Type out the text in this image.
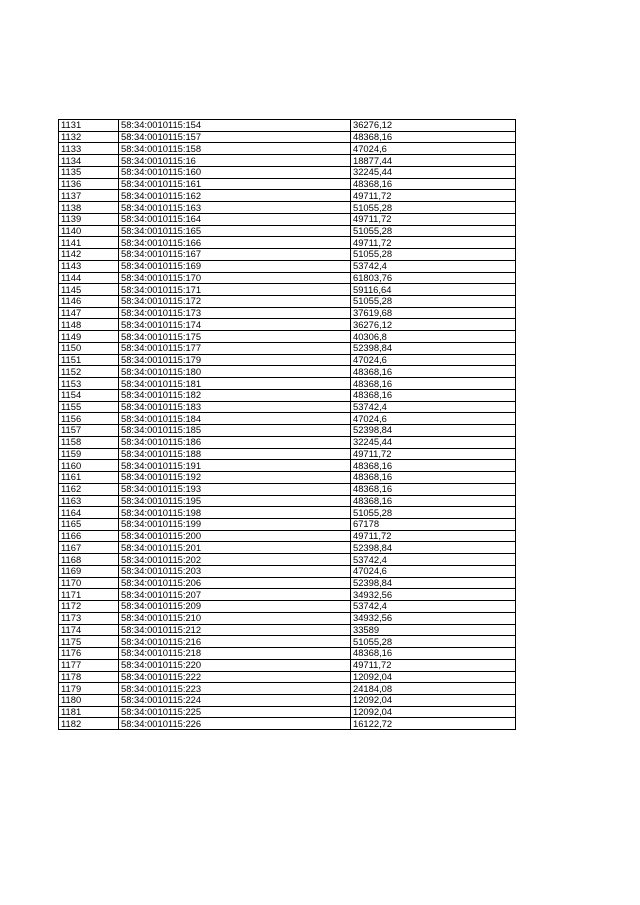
1131	58:34:0010115:154	36276,12
1132	58:34:0010115:157	48368,16
1133	58:34:0010115:158	47024,6
1134	58:34:0010115:16	18877,44
1135	58:34:0010115:160	32245,44
1136	58:34:0010115:161	48368,16
1137	58:34:0010115:162	49711,72
1138	58:34:0010115:163	51055,28
1139	58:34:0010115:164	49711,72
1140	58:34:0010115:165	51055,28
1141	58:34:0010115:166	49711,72
1142	58:34:0010115:167	51055,28
1143	58:34:0010115:169	53742,4
1144	58:34:0010115:170	61803,76
1145	58:34:0010115:171	59116,64
1146	58:34:0010115:172	51055,28
1147	58:34:0010115:173	37619,68
1148	58:34:0010115:174	36276,12
1149	58:34:0010115:175	40306,8
1150	58:34:0010115:177	52398,84
1151	58:34:0010115:179	47024,6
1152	58:34:0010115:180	48368,16
1153	58:34:0010115:181	48368,16
1154	58:34:0010115:182	48368,16
1155	58:34:0010115:183	53742,4
1156	58:34:0010115:184	47024,6
1157	58:34:0010115:185	52398,84
1158	58:34:0010115:186	32245,44
1159	58:34:0010115:188	49711,72
1160	58:34:0010115:191	48368,16
1161	58:34:0010115:192	48368,16
1162	58:34:0010115:193	48368,16
1163	58:34:0010115:195	48368,16
1164	58:34:0010115:198	51055,28
1165	58:34:0010115:199	67178
1166	58:34:0010115:200	49711,72
1167	58:34:0010115:201	52398,84
1168	58:34:0010115:202	53742,4
1169	58:34:0010115:203	47024,6
1170	58:34:0010115:206	52398,84
1171	58:34:0010115:207	34932,56
1172	58:34:0010115:209	53742,4
1173	58:34:0010115:210	34932,56
1174	58:34:0010115:212	33589
1175	58:34:0010115:216	51055,28
1176	58:34:0010115:218	48368,16
1177	58:34:0010115:220	49711,72
1178	58:34:0010115:222	12092,04
1179	58:34:0010115:223	24184,08
1180	58:34:0010115:224	12092,04
1181	58:34:0010115:225	12092,04
1182	58:34:0010115:226	16122,72
